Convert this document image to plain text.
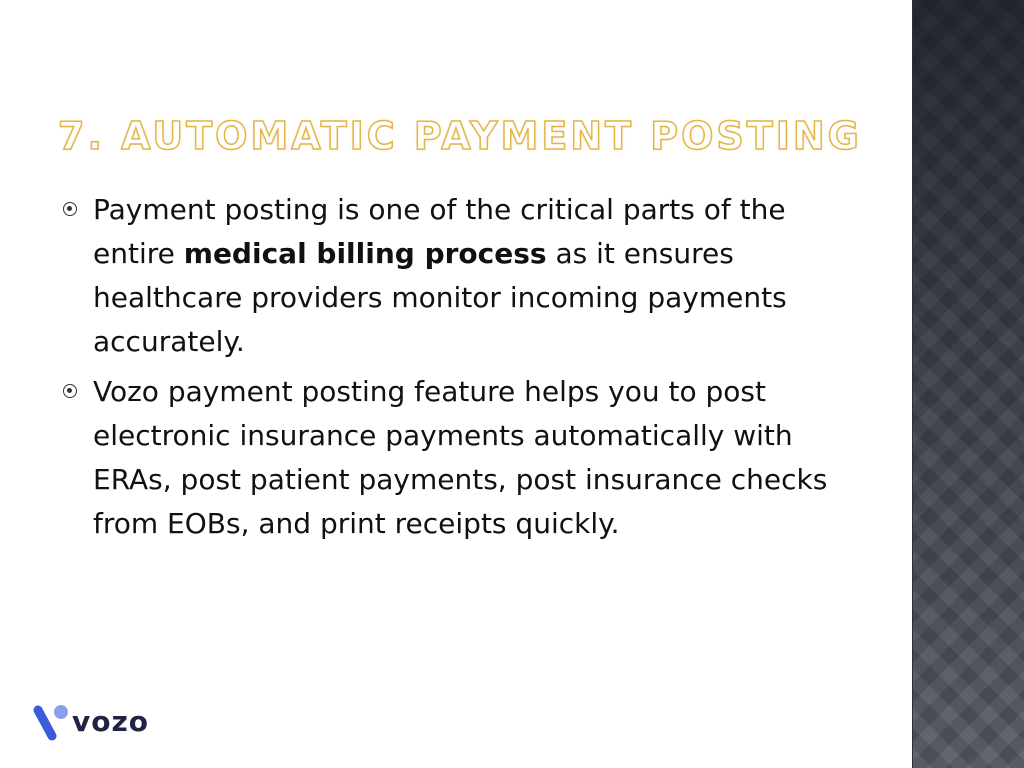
7. AUTOMATIC PAYMENT POSTING
Payment posting is one of the critical parts of the entire medical billing process as it ensures healthcare providers monitor incoming payments accurately.
Vozo payment posting feature helps you to post electronic insurance payments automatically with ERAs, post patient payments, post insurance checks from EOBs, and print receipts quickly.
vozo
